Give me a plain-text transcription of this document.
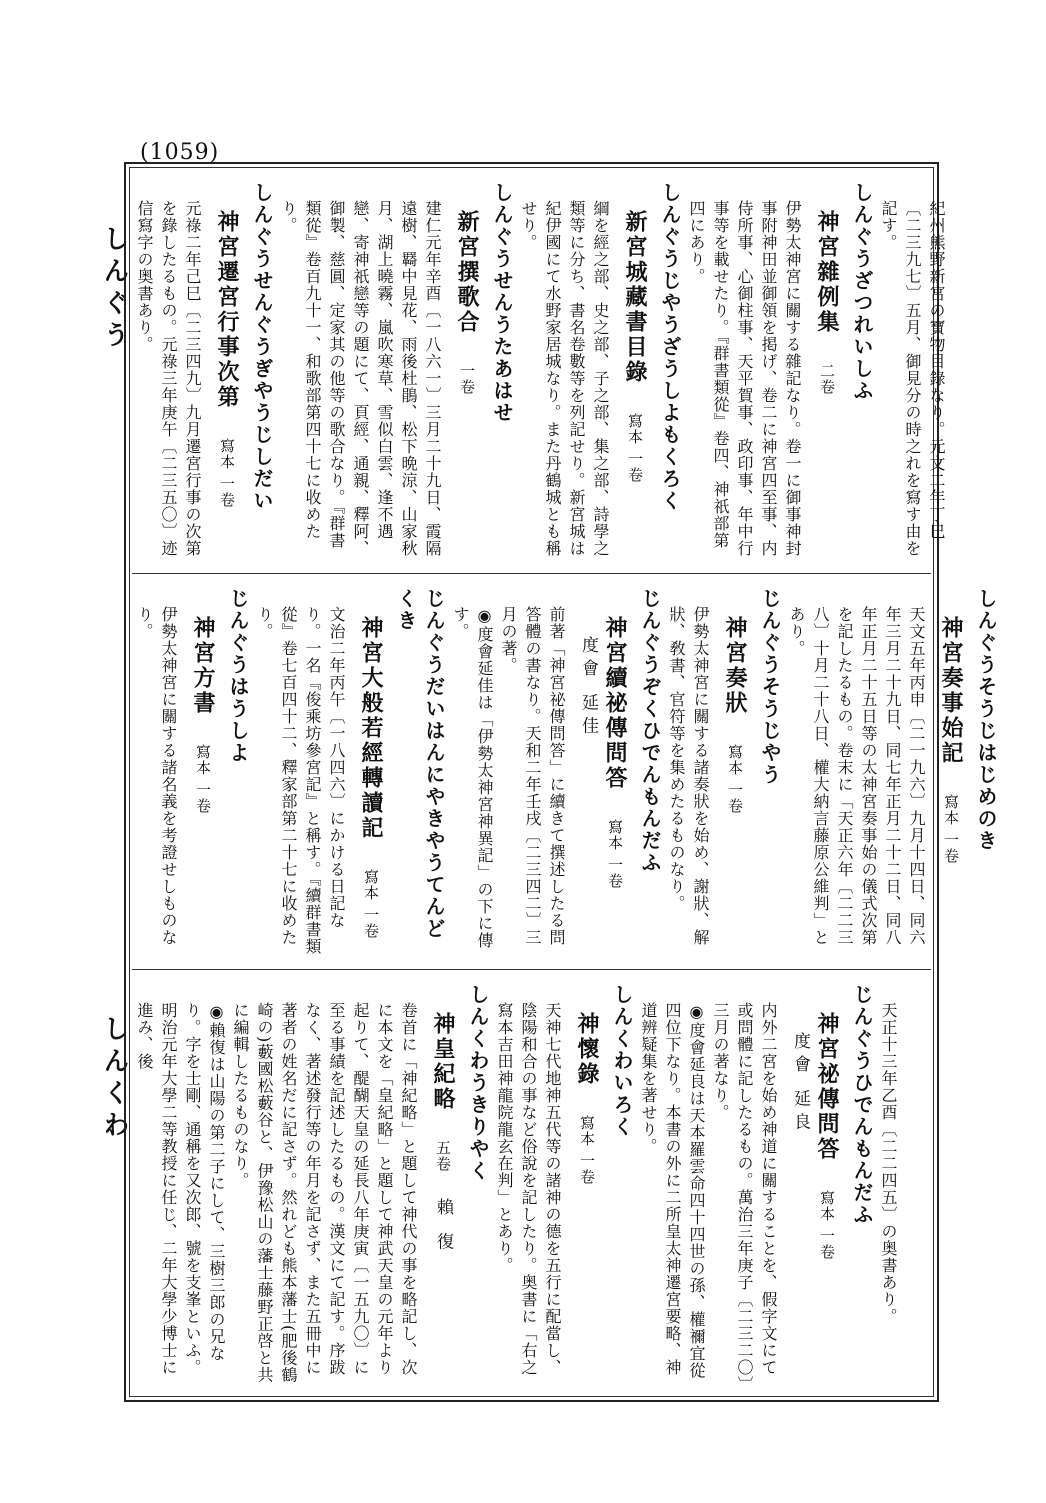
(1059)
しんぐう
しんくわ

紀州熊野新宮の寶物目錄なり。元文二年丁巳〔二三九七〕五月、御見分の時之れを寫す由を記す。

しんぐうざつれいしふ

神宮雜例集 二卷

伊勢太神宮に關する雜記なり。卷一に御事神封事附神田並御領を掲げ、卷二に神宮四至事、内侍所事、心御柱事、天平賀事、政印事、年中行事等を載せたり。『群書類從』卷四、神祇部第四にあり。

しんぐうじやうざうしよもくろく

新宮城藏書目錄 寫本 一卷

綱を經之部、史之部、子之部、集之部、詩學之類等に分ち、書名卷數等を列記せり。新宮城は紀伊國にて水野家居城なり。また丹鶴城とも稱せり。

しんぐうせんうたあはせ

新宮撰歌合 一卷

建仁元年辛酉〔一八六一〕三月二十九日、霞隔遠樹、羇中見花、雨後杜鵑、松下晩涼、山家秋月、湖上曉霧、嵐吹寒草、雪似白雲、逢不遇戀、寄神祇戀等の題にて、頁經、通親、釋阿、御製、慈圓、定家其の他等の歌合なり。『群書類從』卷百九十一、和歌部第四十七に收めたり。

しんぐうせんぐうぎやうじしだい

神宮遷宮行事次第 寫本 一卷

元祿二年己巳〔二三四九〕九月遷宮行事の次第を錄したるもの。元祿三年庚午〔二三五〇〕迹信寫字の奥書あり。

しんぐうそうじはじめのき

神宮奏事始記 寫本 一卷

天文五年丙申〔二一九六〕九月十四日、同六年三月二十九日、同七年正月二十二日、同八年正月二十五日等の太神宮奏事始の儀式次第を記したるもの。卷末に「天正六年〔二二三八〕十月二十八日、權大納言藤原公維判」とあり。

じんぐうそうじやう

神宮奏狀 寫本 一卷

伊勢太神宮に關する諸奏狀を始め、謝狀、解狀、敎書、官符等を集めたるものなり。

じんぐうぞくひでんもんだふ

神宮續祕傳問答 寫本 一卷 度會 延佳

前著「神宮祕傳問答」に續きて撰述したる問答體の書なり。天和二年壬戌〔二三四二〕三月の著。

◉度會延佳は「伊勢太神宮神異記」の下に傳す。

じんぐうだいはんにやきやうてんどくき

神宮大般若經轉讀記 寫本 一卷

文治二年丙午〔一八四六〕にかける日記なり。一名『俊乘坊參宮記』と稱す。『續群書類從』卷七百四十二、釋家部第二十七に收めたり。

じんぐうはうしよ

神宮方書 寫本 一卷

伊勢太神宮に關する諸名義を考證せしものなり。

天正十三年乙酉〔二二四五〕の奥書あり。

じんぐうひでんもんだふ

神宮祕傳問答 寫本 一卷 度會 延良

内外二宮を始め神道に關することを、假字文にて或問體に記したるもの。萬治三年庚子〔二三二〇〕三月の著なり。

◉度會延良は天本羅雲命四十四世の孫、權禰宜從四位下なり。本書の外に二所皇太神遷宮要略、神道辨疑集を著せり。

しんくわいろく

神懷錄 寫本 一卷

天神七代地神五代等の諸神の德を五行に配當し、陰陽和合の事など俗說を記したり。奥書に「右之寫本吉田神龍院龍玄在判」とあり。

しんくわうきりやく

神皇紀略 五卷 賴 復

卷首に「神紀略」と題して神代の事を略記し、次に本文を「皇紀略」と題して神武天皇の元年より起りて、醍醐天皇の延長八年庚寅〔一五九〇〕に至る事績を記述したるもの。漢文にて記す。序跋なく、著述發行等の年月を記さず、また五冊中に著者の姓名だに記さず。然れども熊本藩士(肥後鶴崎の)藪國松藪谷と、伊豫松山の藩士藤野正啓と共に編輯したるものなり。

◉賴復は山陽の第二子にして、三樹三郎の兄なり。字を士剛、通稱を又次郎、號を支峯といふ。明治元年大學二等教授に任じ、二年大學少博士に進み、後
